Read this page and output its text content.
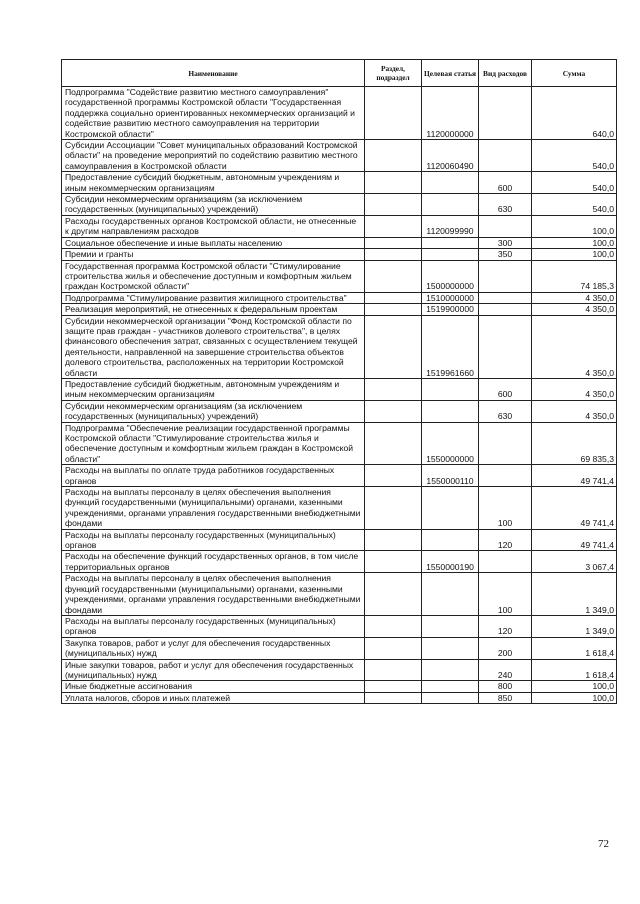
Наименование	Раздел, подраздел	Целевая статья	Вид расходов	Сумма
Подпрограмма "Содействие развитию местного самоуправления" государственной программы Костромской области "Государственная поддержка социально ориентированных некоммерческих организаций и содействие развитию местного самоуправления на территории Костромской области"		1120000000		640,0
Субсидии Ассоциации "Совет муниципальных образований Костромской области" на проведение мероприятий по содействию развитию местного самоуправления в Костромской области		1120060490		540,0
Предоставление субсидий бюджетным, автономным учреждениям и иным некоммерческим организациям			600	540,0
Субсидии некоммерческим организациям (за исключением государственных (муниципальных) учреждений)			630	540,0
Расходы государственных органов Костромской области, не отнесенные к другим направлениям расходов		1120099990		100,0
Социальное обеспечение и иные выплаты населению			300	100,0
Премии и гранты			350	100,0
Государственная программа Костромской области "Стимулирование строительства жилья и обеспечение доступным и комфортным жильем граждан Костромской области"		1500000000		74 185,3
Подпрограмма "Стимулирование развития жилищного строительства"		1510000000		4 350,0
Реализация мероприятий, не отнесенных к федеральным проектам		1519900000		4 350,0
Субсидии некоммерческой организации "Фонд Костромской области по защите прав граждан - участников долевого строительства", в целях финансового обеспечения затрат, связанных с осуществлением текущей деятельности, направленной на завершение строительства объектов долевого строительства, расположенных на территории Костромской области		1519961660		4 350,0
Предоставление субсидий бюджетным, автономным учреждениям и иным некоммерческим организациям			600	4 350,0
Субсидии некоммерческим организациям (за исключением государственных (муниципальных) учреждений)			630	4 350,0
Подпрограмма "Обеспечение реализации государственной программы Костромской области "Стимулирование строительства жилья и обеспечение доступным и комфортным жильем граждан в Костромской области"		1550000000		69 835,3
Расходы на выплаты по оплате труда работников государственных органов		1550000110		49 741,4
Расходы на выплаты персоналу в целях обеспечения выполнения функций государственными (муниципальными) органами, казенными учреждениями, органами управления государственными внебюджетными фондами			100	49 741,4
Расходы на выплаты персоналу государственных (муниципальных) органов			120	49 741,4
Расходы на обеспечение функций государственных органов, в том числе территориальных органов		1550000190		3 067,4
Расходы на выплаты персоналу в целях обеспечения выполнения функций государственными (муниципальными) органами, казенными учреждениями, органами управления государственными внебюджетными фондами			100	1 349,0
Расходы на выплаты персоналу государственных (муниципальных) органов			120	1 349,0
Закупка товаров, работ и услуг для обеспечения государственных (муниципальных) нужд			200	1 618,4
Иные закупки товаров, работ и услуг для обеспечения государственных (муниципальных) нужд			240	1 618,4
Иные бюджетные ассигнования			800	100,0
Уплата налогов, сборов и иных платежей			850	100,0
72
